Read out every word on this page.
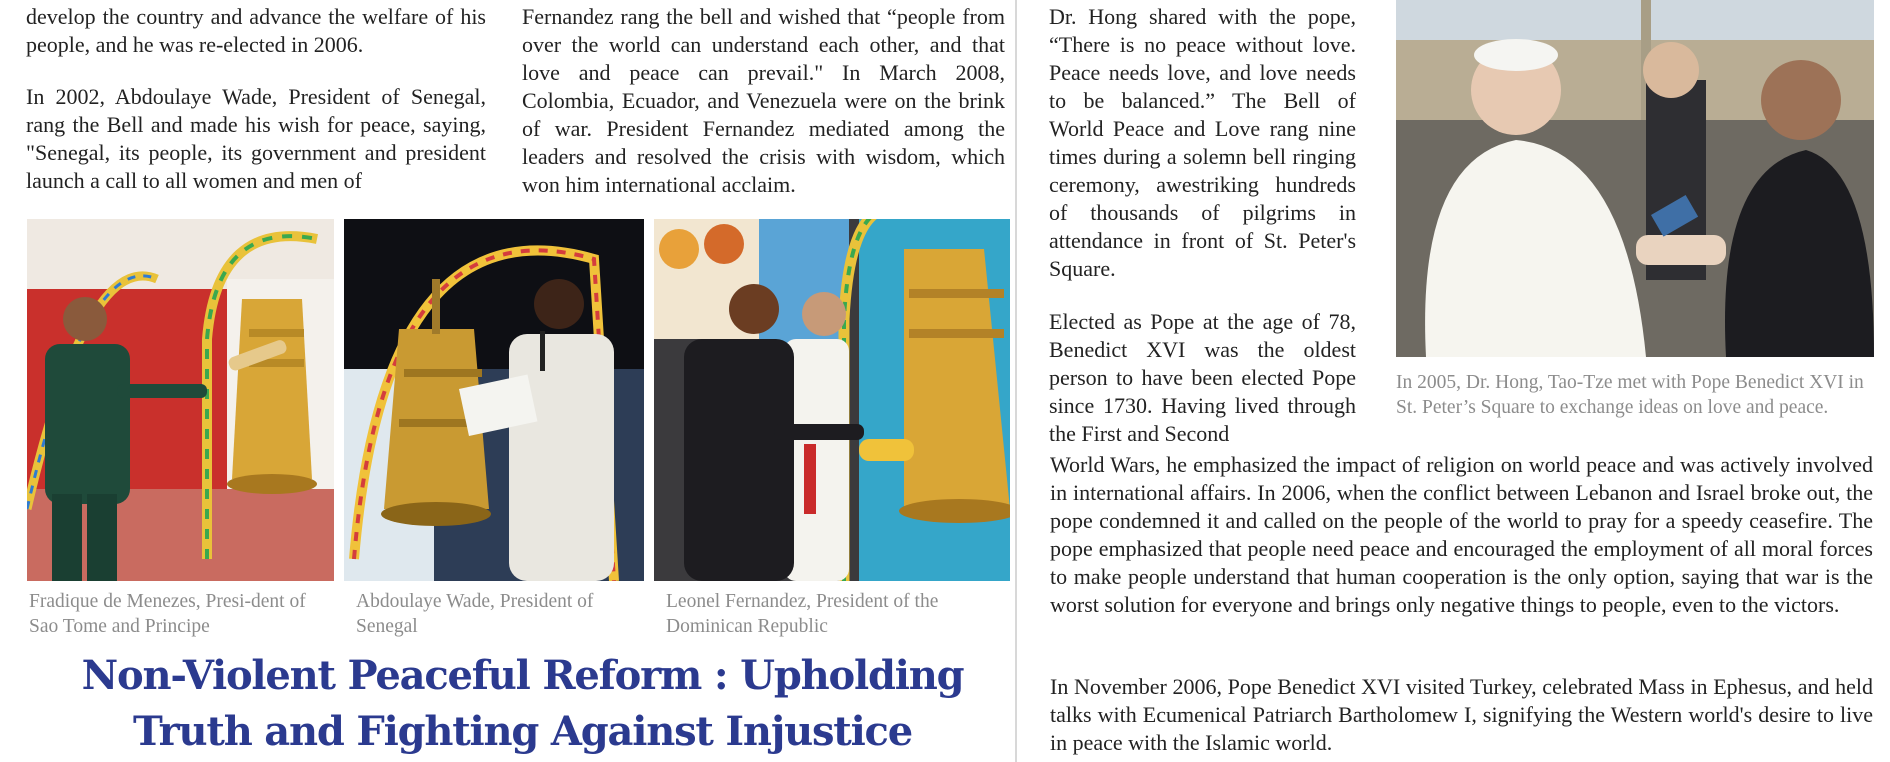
develop the country and advance the welfare of his people, and he was re-elected in 2006.

In 2002, Abdoulaye Wade, President of Senegal, rang the Bell and made his wish for peace, saying, "Senegal, its people, its government and president launch a call to all women and men of

Fernandez rang the bell and wished that “people from over the world can understand each other, and that love and peace can prevail." In March 2008, Colombia, Ecuador, and Venezuela were on the brink of war. President Fernandez mediated among the leaders and resolved the crisis with wisdom, which won him international acclaim.

Fradique de Menezes, Presi-dent of Sao Tome and Principe

Abdoulaye Wade, President of Senegal

Leonel Fernandez, President of the Dominican Republic

Non-Violent Peaceful Reform : Upholding
Truth and Fighting Against Injustice

Dr. Hong shared with the pope, “There is no peace without love. Peace needs love, and love needs to be balanced.” The Bell of World Peace and Love rang nine times during a solemn bell ringing ceremony, awestriking hundreds of thousands of pilgrims in attendance in front of St. Peter's Square.

Elected as Pope at the age of 78, Benedict XVI was the oldest person to have been elected Pope since 1730. Having lived through the First and Second

World Wars, he emphasized the impact of religion on world peace and was actively involved in international affairs. In 2006, when the conflict between Lebanon and Israel broke out, the pope condemned it and called on the people of the world to pray for a speedy ceasefire. The pope emphasized that people need peace and encouraged the employment of all moral forces to make people understand that human cooperation is the only option, saying that war is the worst solution for everyone and brings only negative things to people, even to the victors.

In November 2006, Pope Benedict XVI visited Turkey, celebrated Mass in Ephesus, and held talks with Ecumenical Patriarch Bartholomew I, signifying the Western world's desire to live in peace with the Islamic world.

In 2005, Dr. Hong, Tao-Tze met with Pope Benedict XVI in St. Peter’s Square to exchange ideas on love and peace.
